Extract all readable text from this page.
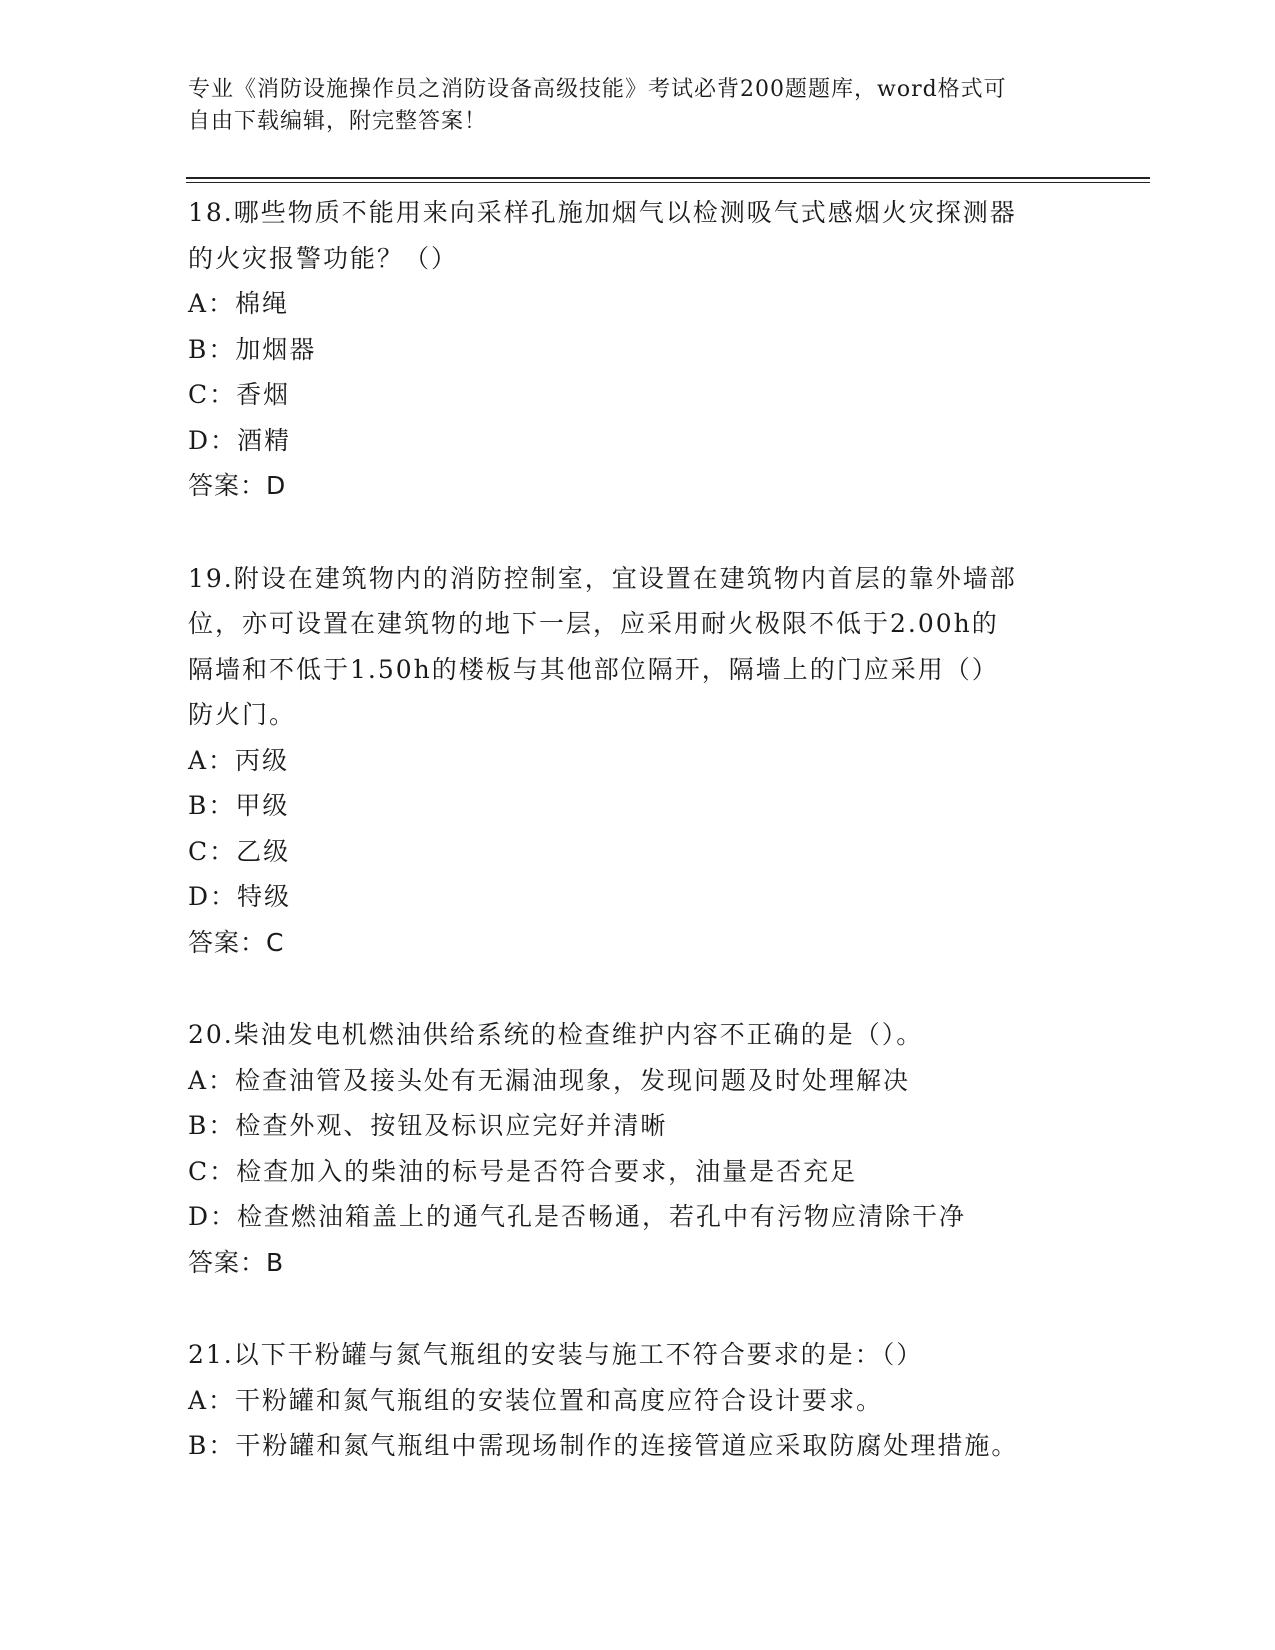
专业《消防设施操作员之消防设备高级技能》考试必背200题题库，word格式可
自由下载编辑，附完整答案！
18.哪些物质不能用来向采样孔施加烟气以检测吸气式感烟火灾探测器
的火灾报警功能？（）
A：棉绳
B：加烟器
C：香烟
D：酒精
答案：D
19.附设在建筑物内的消防控制室，宜设置在建筑物内首层的靠外墙部
位，亦可设置在建筑物的地下一层，应采用耐火极限不低于2.00h的
隔墙和不低于1.50h的楼板与其他部位隔开，隔墙上的门应采用（）
防火门。
A：丙级
B：甲级
C：乙级
D：特级
答案：C
20.柴油发电机燃油供给系统的检查维护内容不正确的是（）。
A：检查油管及接头处有无漏油现象，发现问题及时处理解决
B：检查外观、按钮及标识应完好并清晰
C：检查加入的柴油的标号是否符合要求，油量是否充足
D：检查燃油箱盖上的通气孔是否畅通，若孔中有污物应清除干净
答案：B
21.以下干粉罐与氮气瓶组的安装与施工不符合要求的是：（）
A：干粉罐和氮气瓶组的安装位置和高度应符合设计要求。
B：干粉罐和氮气瓶组中需现场制作的连接管道应采取防腐处理措施。
